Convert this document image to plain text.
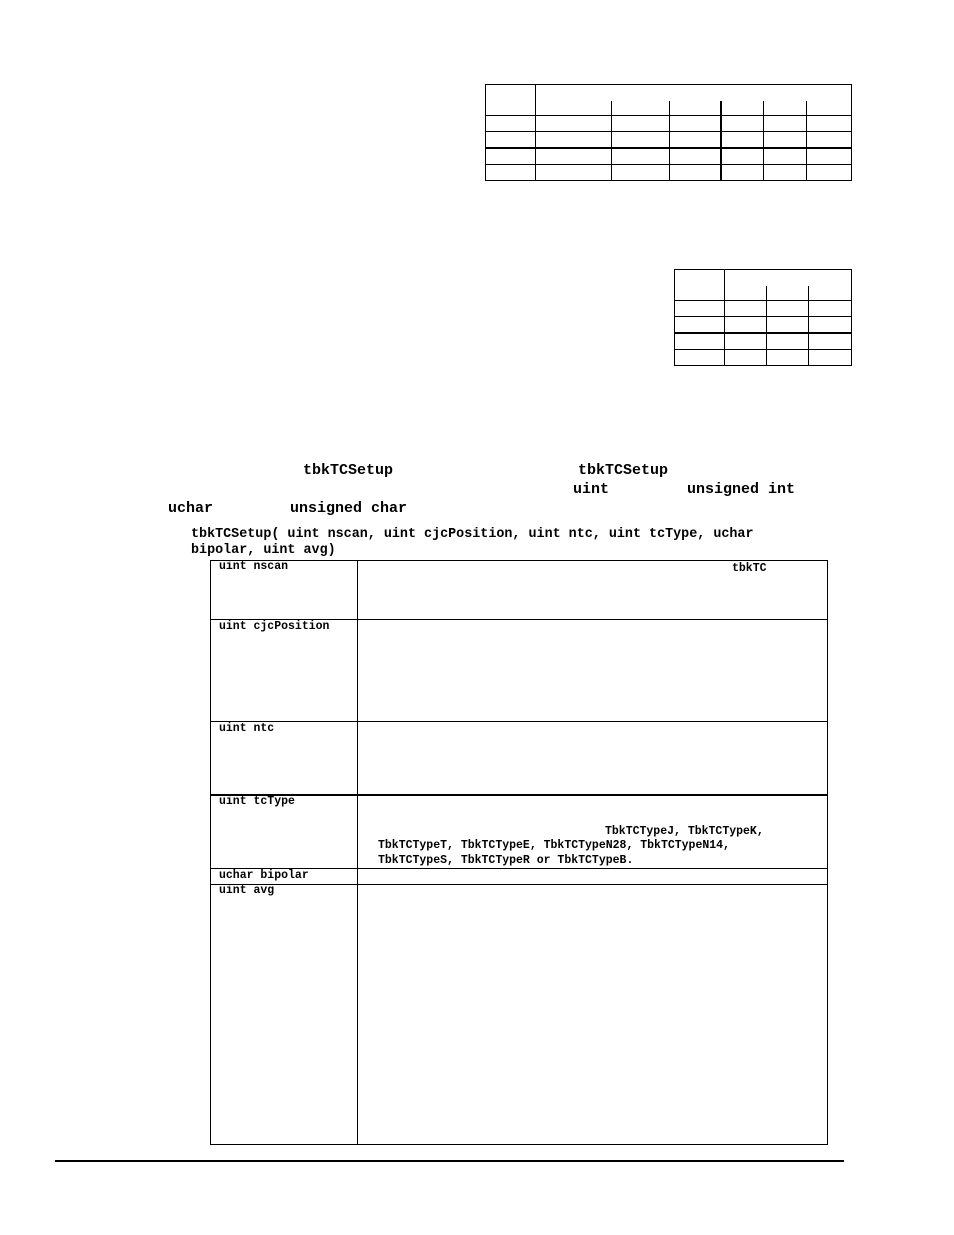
tbkTCSetup	tbkTCSetup
uint	unsigned int
uchar	unsigned char
tbkTCSetup( uint nscan, uint cjcPosition, uint ntc, uint tcType, uchar
bipolar, uint avg)
uint nscan	tbkTC
uint cjcPosition
uint ntc
uint tcType
TbkTCTypeJ, TbkTCTypeK,
TbkTCTypeT, TbkTCTypeE, TbkTCTypeN28, TbkTCTypeN14,
TbkTCTypeS, TbkTCTypeR or TbkTCTypeB.
uchar bipolar
uint avg
